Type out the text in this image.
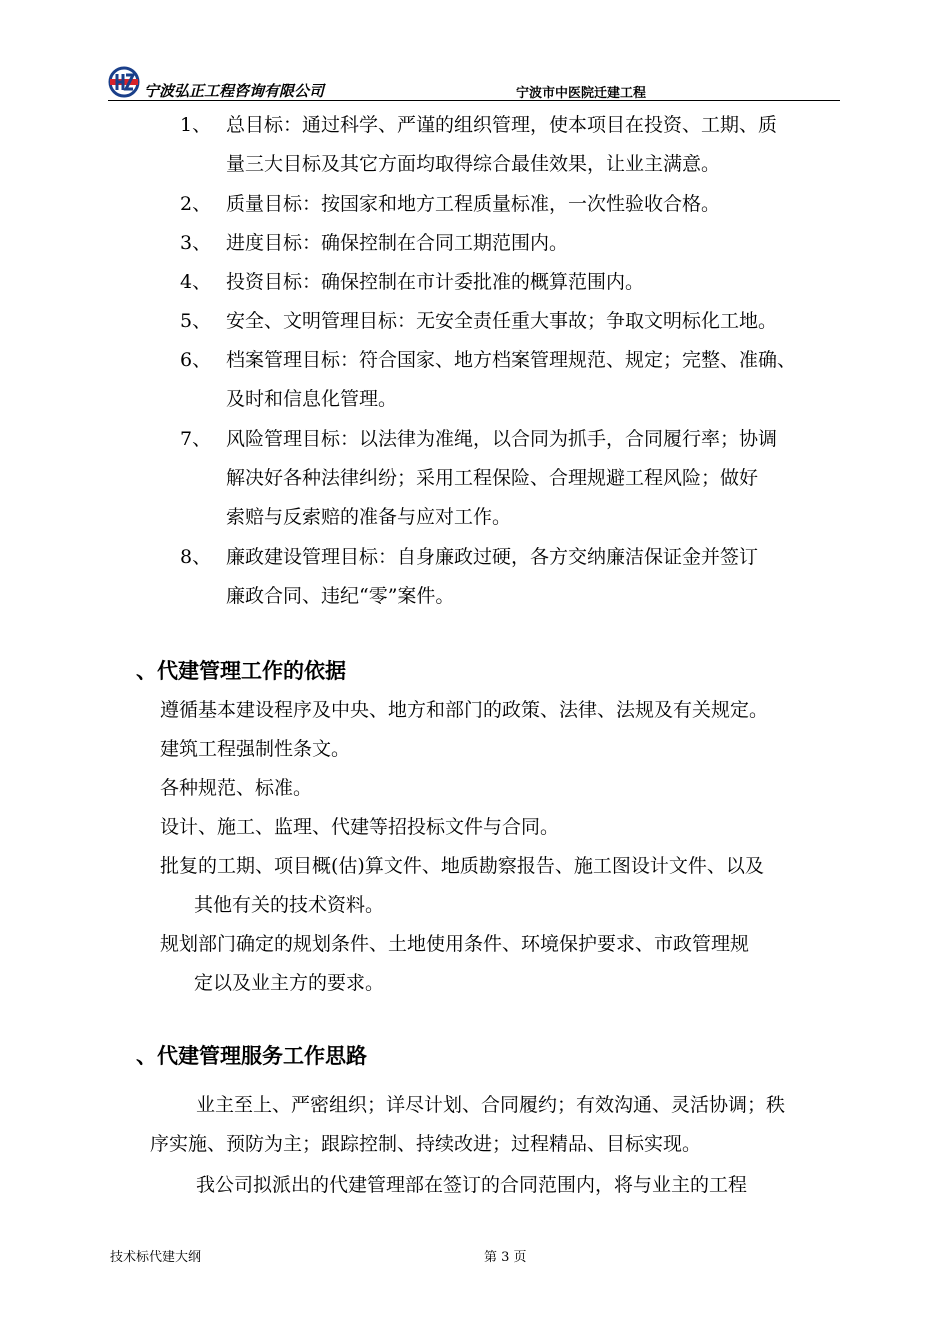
宁波弘正工程咨询有限公司	宁波市中医院迁建工程
1、 总目标：通过科学、严谨的组织管理，使本项目在投资、工期、质
量三大目标及其它方面均取得综合最佳效果，让业主满意。
2、 质量目标：按国家和地方工程质量标准，一次性验收合格。
3、 进度目标：确保控制在合同工期范围内。
4、 投资目标：确保控制在市计委批准的概算范围内。
5、 安全、文明管理目标：无安全责任重大事故；争取文明标化工地。
6、 档案管理目标：符合国家、地方档案管理规范、规定；完整、准确、
及时和信息化管理。
7、 风险管理目标：以法律为准绳，以合同为抓手，合同履行率；协调
解决好各种法律纠纷；采用工程保险、合理规避工程风险；做好
索赔与反索赔的准备与应对工作。
8、 廉政建设管理目标：自身廉政过硬，各方交纳廉洁保证金并签订
廉政合同、违纪“零”案件。
、代建管理工作的依据
遵循基本建设程序及中央、地方和部门的政策、法律、法规及有关规定。
建筑工程强制性条文。
各种规范、标准。
设计、施工、监理、代建等招投标文件与合同。
批复的工期、项目概(估)算文件、地质勘察报告、施工图设计文件、以及
其他有关的技术资料。
规划部门确定的规划条件、土地使用条件、环境保护要求、市政管理规
定以及业主方的要求。
、代建管理服务工作思路
业主至上、严密组织；详尽计划、合同履约；有效沟通、灵活协调；秩
序实施、预防为主；跟踪控制、持续改进；过程精品、目标实现。
我公司拟派出的代建管理部在签订的合同范围内，将与业主的工程
技术标代建大纲	第 3 页
